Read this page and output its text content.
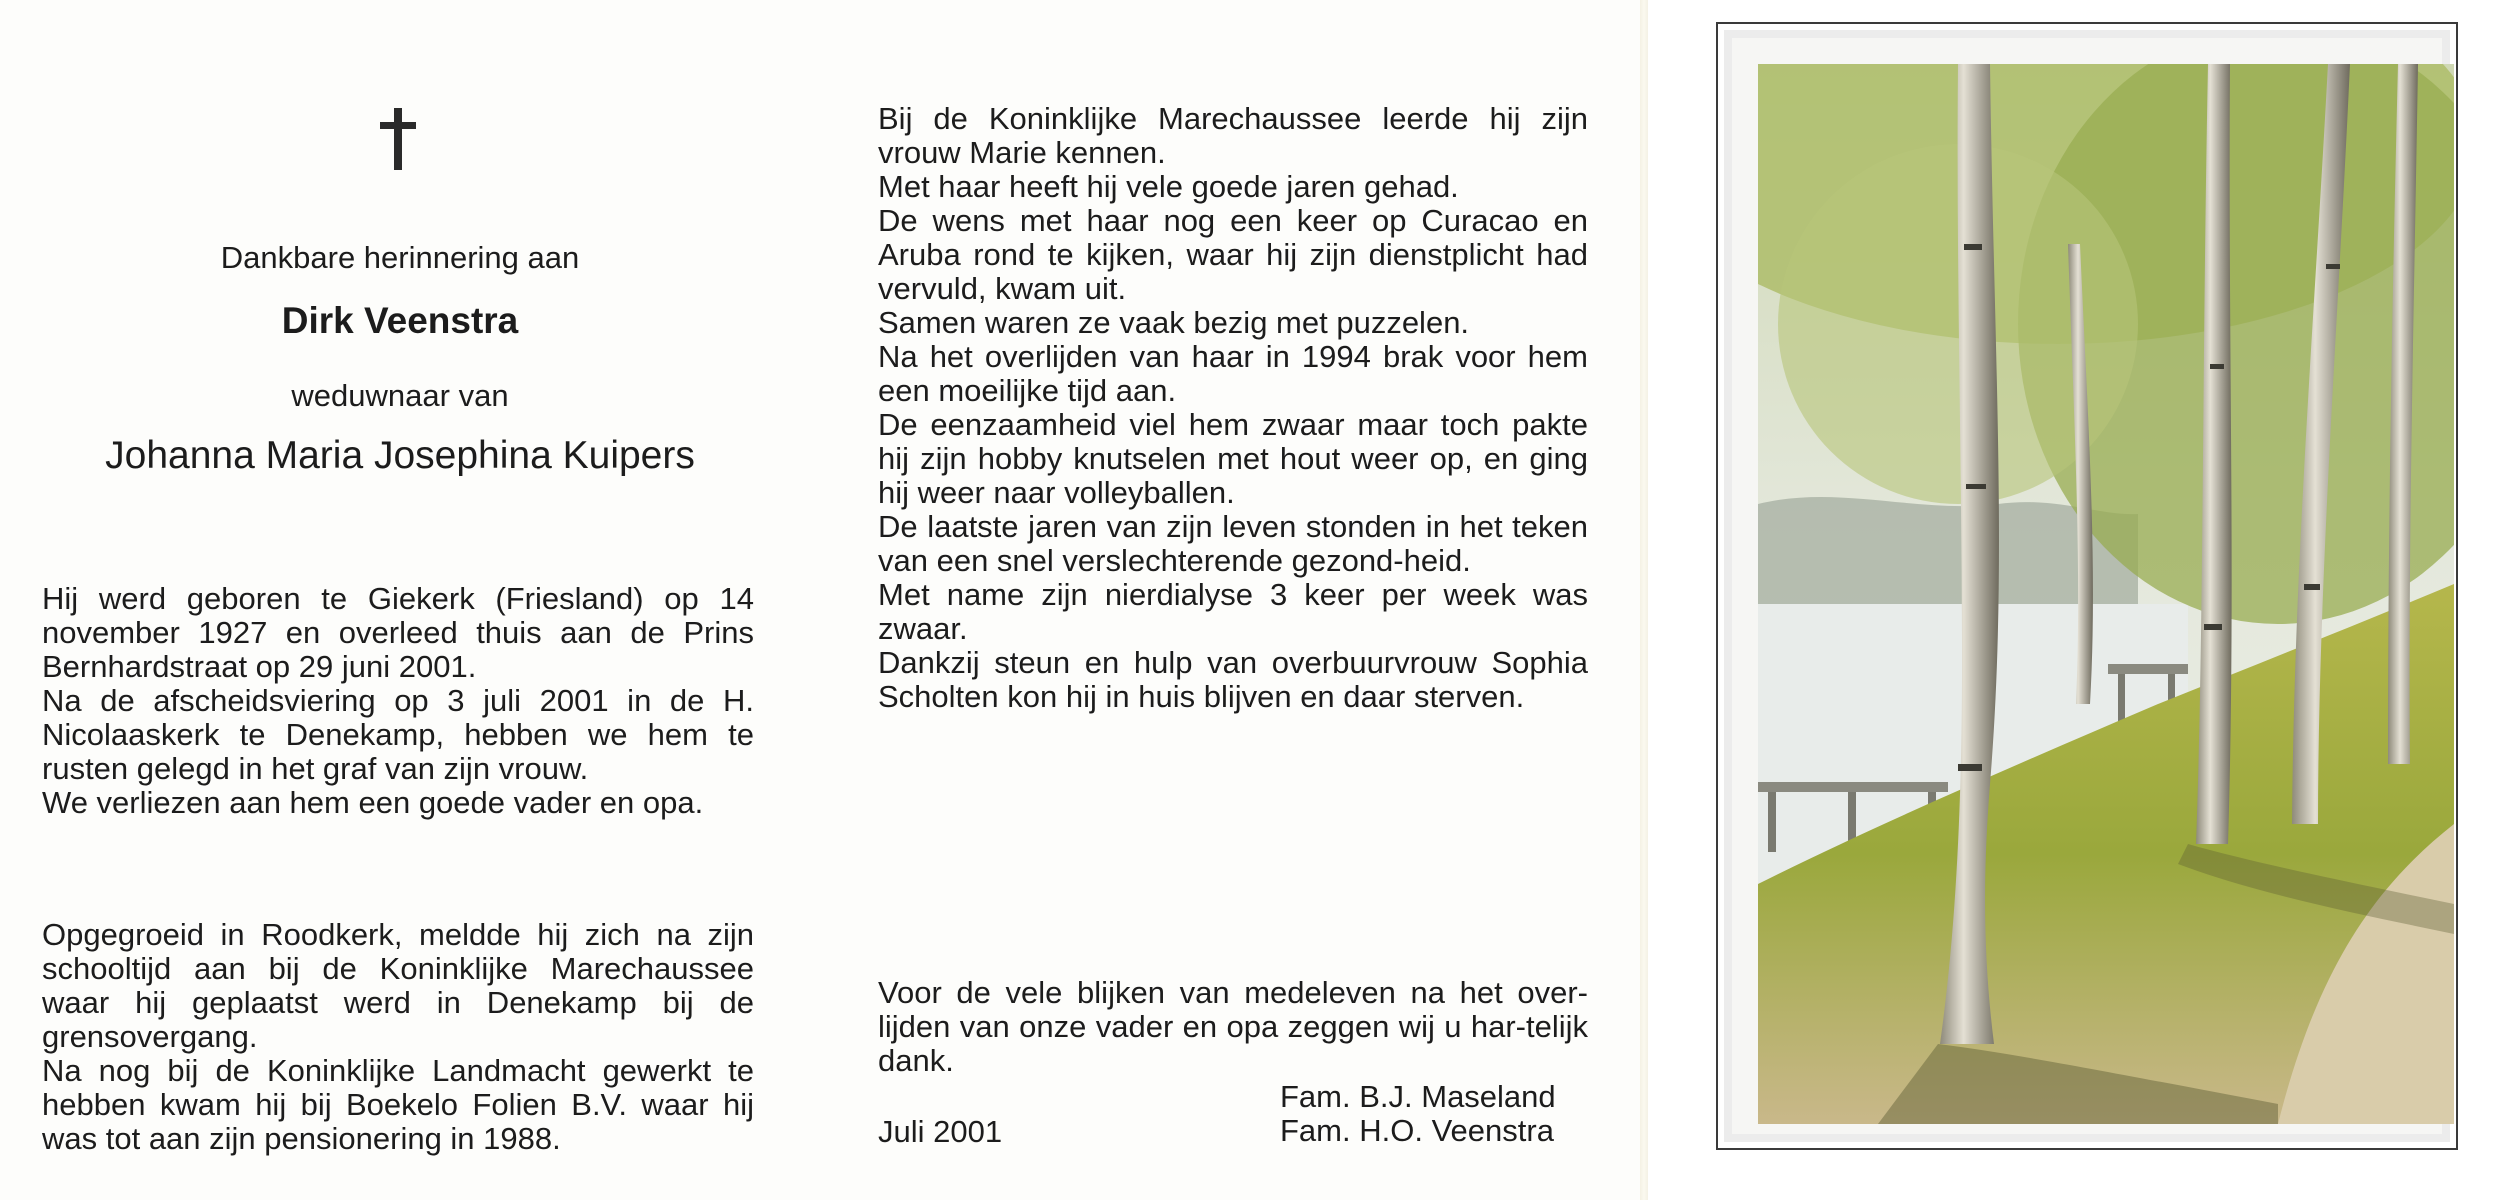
Dankbare herinnering aan
Dirk Veenstra
weduwnaar van
Johanna Maria Josephina Kuipers

Hij werd geboren te Giekerk (Friesland) op 14 november 1927 en overleed thuis aan de Prins Bernhardstraat op 29 juni 2001.

Na de afscheidsviering op 3 juli 2001 in de H. Nicolaaskerk te Denekamp, hebben we hem te rusten gelegd in het graf van zijn vrouw.

We verliezen aan hem een goede vader en opa.

Opgegroeid in Roodkerk, meldde hij zich na zijn schooltijd aan bij de Koninklijke Marechaussee waar hij geplaatst werd in Denekamp bij de grensovergang.

Na nog bij de Koninklijke Landmacht gewerkt te hebben kwam hij bij Boekelo Folien B.V. waar hij was tot aan zijn pensionering in 1988.

Bij de Koninklijke Marechaussee leerde hij zijn vrouw Marie kennen.

Met haar heeft hij vele goede jaren gehad.

De wens met haar nog een keer op Curacao en Aruba rond te kijken, waar hij zijn dienstplicht had vervuld, kwam uit.

Samen waren ze vaak bezig met puzzelen.

Na het overlijden van haar in 1994 brak voor hem een moeilijke tijd aan.

De eenzaamheid viel hem zwaar maar toch pakte hij zijn hobby knutselen met hout weer op, en ging hij weer naar volleyballen.

De laatste jaren van zijn leven stonden in het teken van een snel verslechterende gezond-heid.

Met name zijn nierdialyse 3 keer per week was zwaar.

Dankzij steun en hulp van overbuurvrouw Sophia Scholten kon hij in huis blijven en daar sterven.

Voor de vele blijken van medeleven na het over-lijden van onze vader en opa zeggen wij u har-telijk dank.

Juli 2001
Fam. B.J. Maseland
Fam. H.O. Veenstra
